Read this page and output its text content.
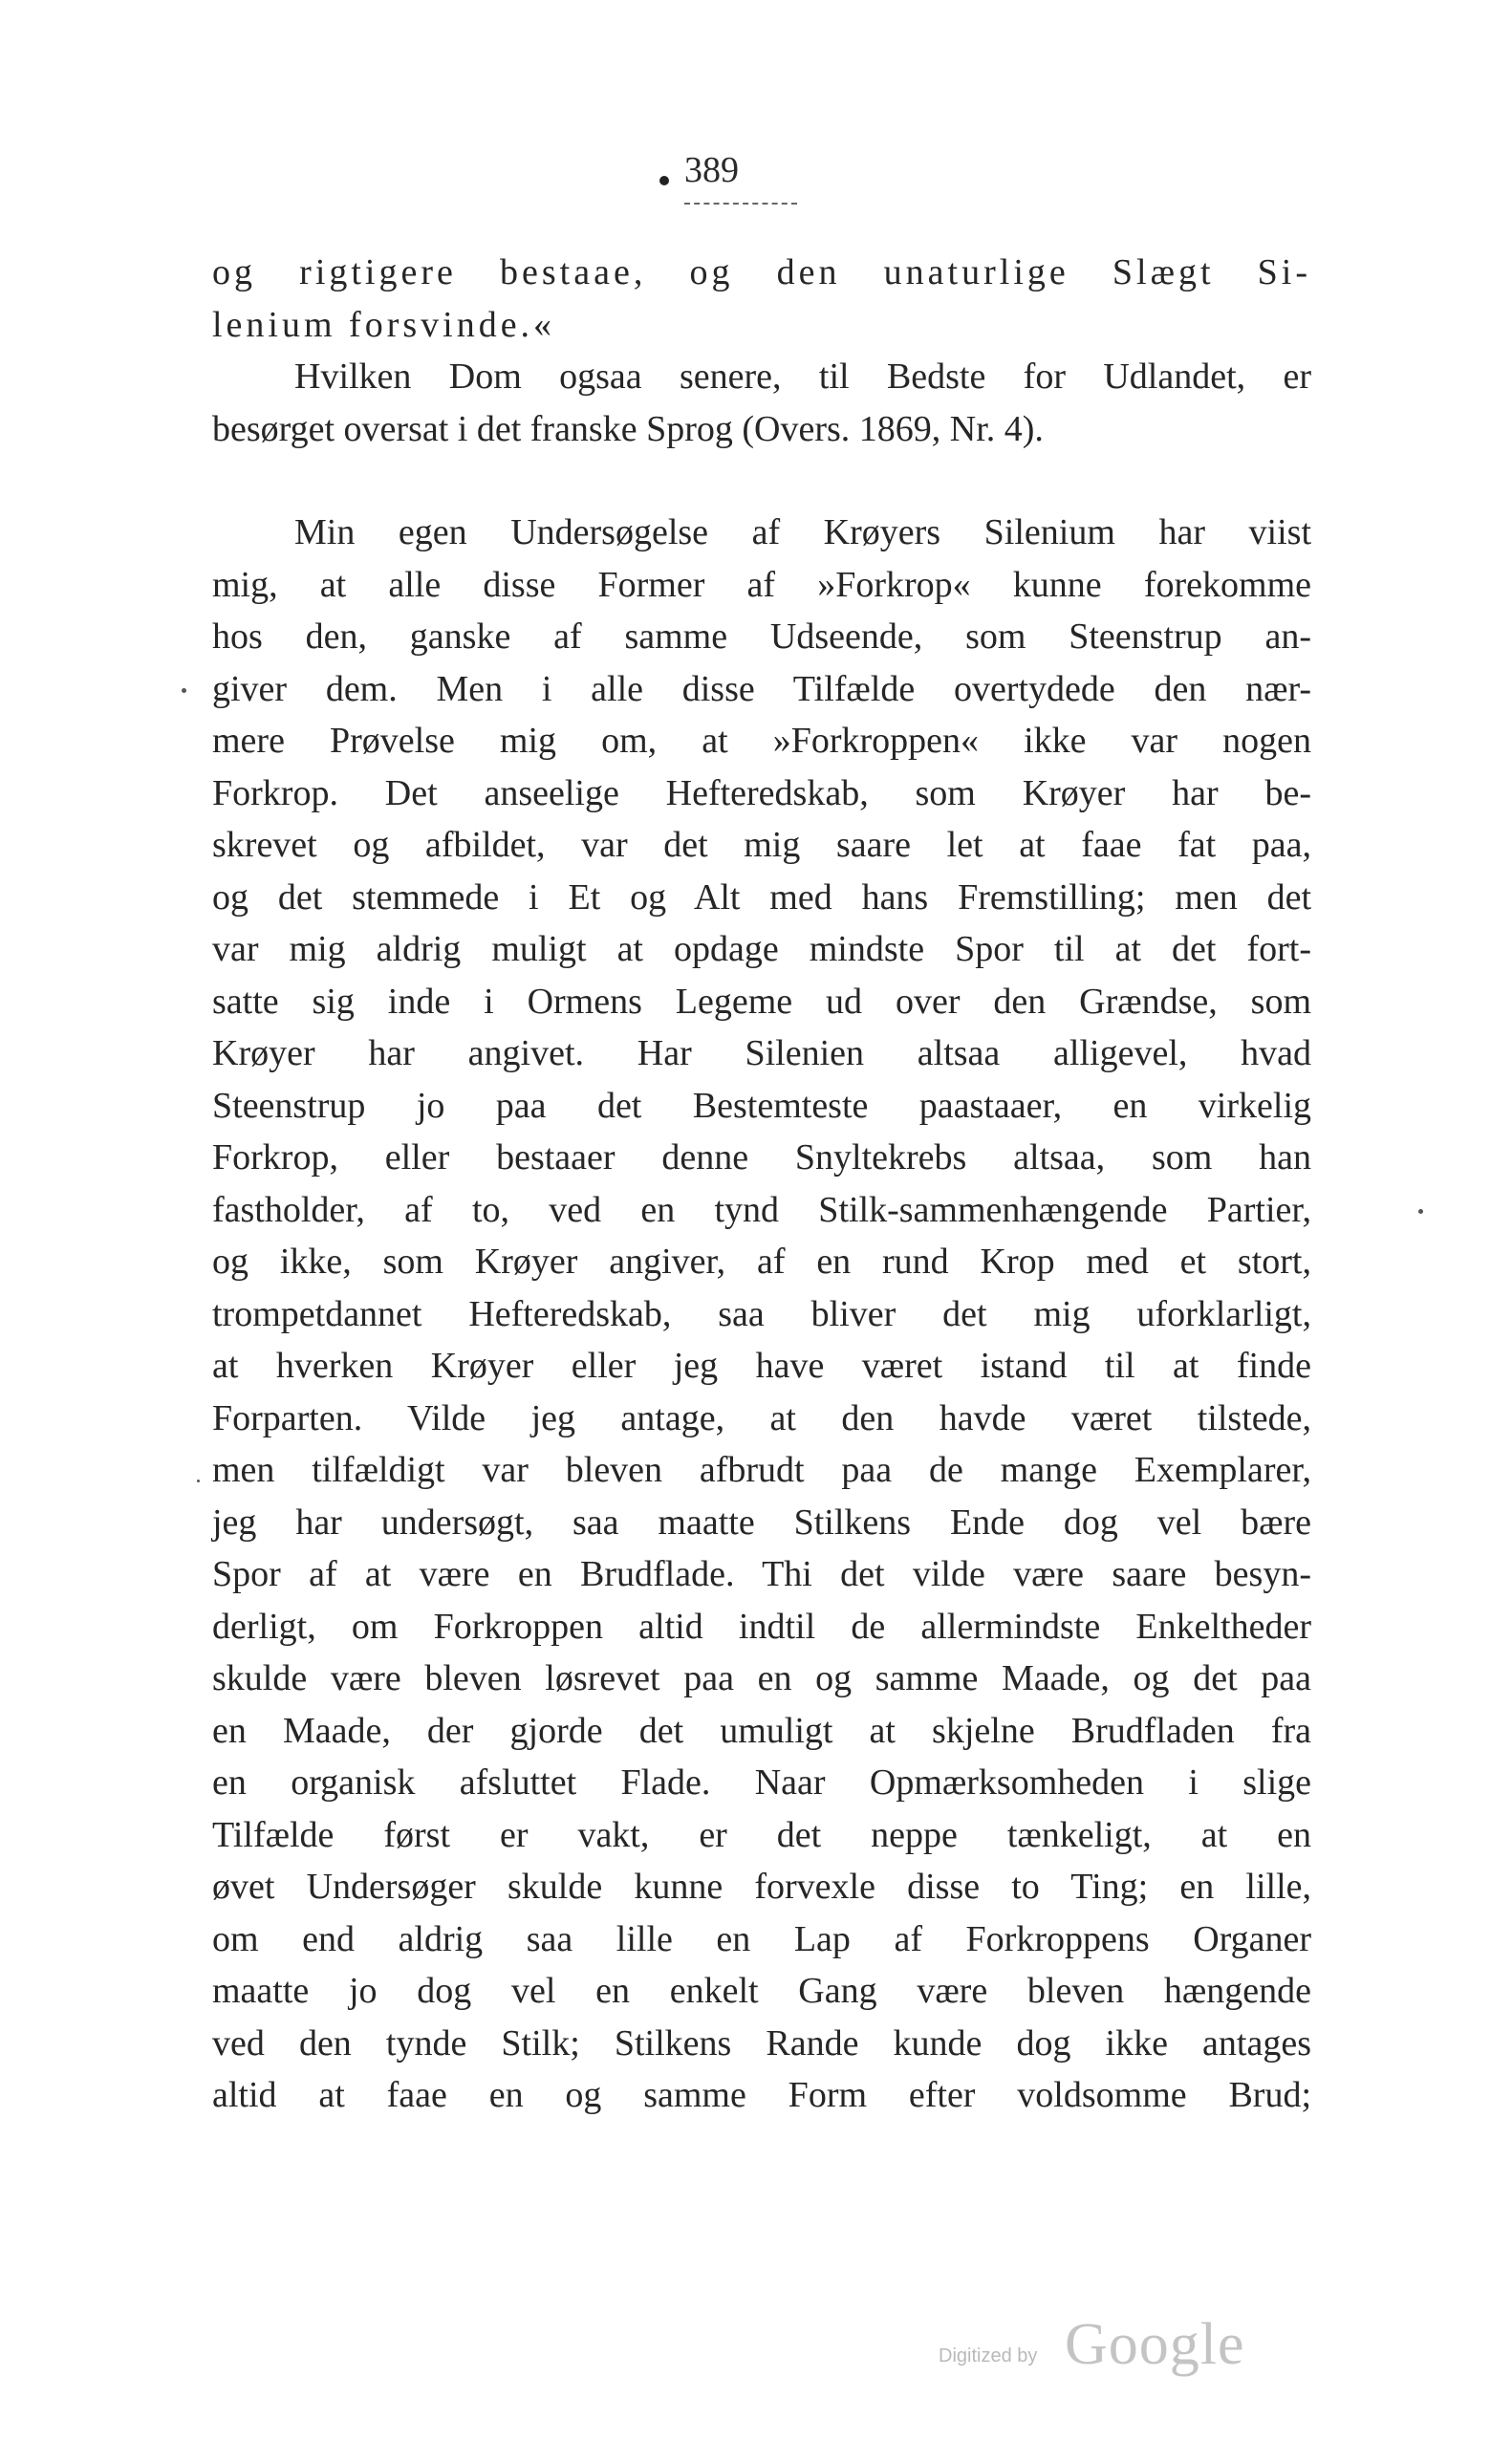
389
og rigtigere bestaae, og den unaturlige Slægt Si-
lenium forsvinde.«
Hvilken Dom ogsaa senere, til Bedste for Udlandet, er
besørget oversat i det franske Sprog (Overs. 1869, Nr. 4).
Min egen Undersøgelse af Krøyers Silenium har viist
mig, at alle disse Former af »Forkrop« kunne forekomme
hos den, ganske af samme Udseende, som Steenstrup an-
giver dem. Men i alle disse Tilfælde overtydede den nær-
mere Prøvelse mig om, at »Forkroppen« ikke var nogen
Forkrop. Det anseelige Hefteredskab, som Krøyer har be-
skrevet og afbildet, var det mig saare let at faae fat paa,
og det stemmede i Et og Alt med hans Fremstilling; men det
var mig aldrig muligt at opdage mindste Spor til at det fort-
satte sig inde i Ormens Legeme ud over den Grændse, som
Krøyer har angivet. Har Silenien altsaa alligevel, hvad
Steenstrup jo paa det Bestemteste paastaaer, en virkelig
Forkrop, eller bestaaer denne Snyltekrebs altsaa, som han
fastholder, af to, ved en tynd Stilk-sammenhængende Partier,
og ikke, som Krøyer angiver, af en rund Krop med et stort,
trompetdannet Hefteredskab, saa bliver det mig uforklarligt,
at hverken Krøyer eller jeg have været istand til at finde
Forparten. Vilde jeg antage, at den havde været tilstede,
men tilfældigt var bleven afbrudt paa de mange Exemplarer,
jeg har undersøgt, saa maatte Stilkens Ende dog vel bære
Spor af at være en Brudflade. Thi det vilde være saare besyn-
derligt, om Forkroppen altid indtil de allermindste Enkeltheder
skulde være bleven løsrevet paa en og samme Maade, og det paa
en Maade, der gjorde det umuligt at skjelne Brudfladen fra
en organisk afsluttet Flade. Naar Opmærksomheden i slige
Tilfælde først er vakt, er det neppe tænkeligt, at en
øvet Undersøger skulde kunne forvexle disse to Ting; en lille,
om end aldrig saa lille en Lap af Forkroppens Organer
maatte jo dog vel en enkelt Gang være bleven hængende
ved den tynde Stilk; Stilkens Rande kunde dog ikke antages
altid at faae en og samme Form efter voldsomme Brud;
Digitized by Google
